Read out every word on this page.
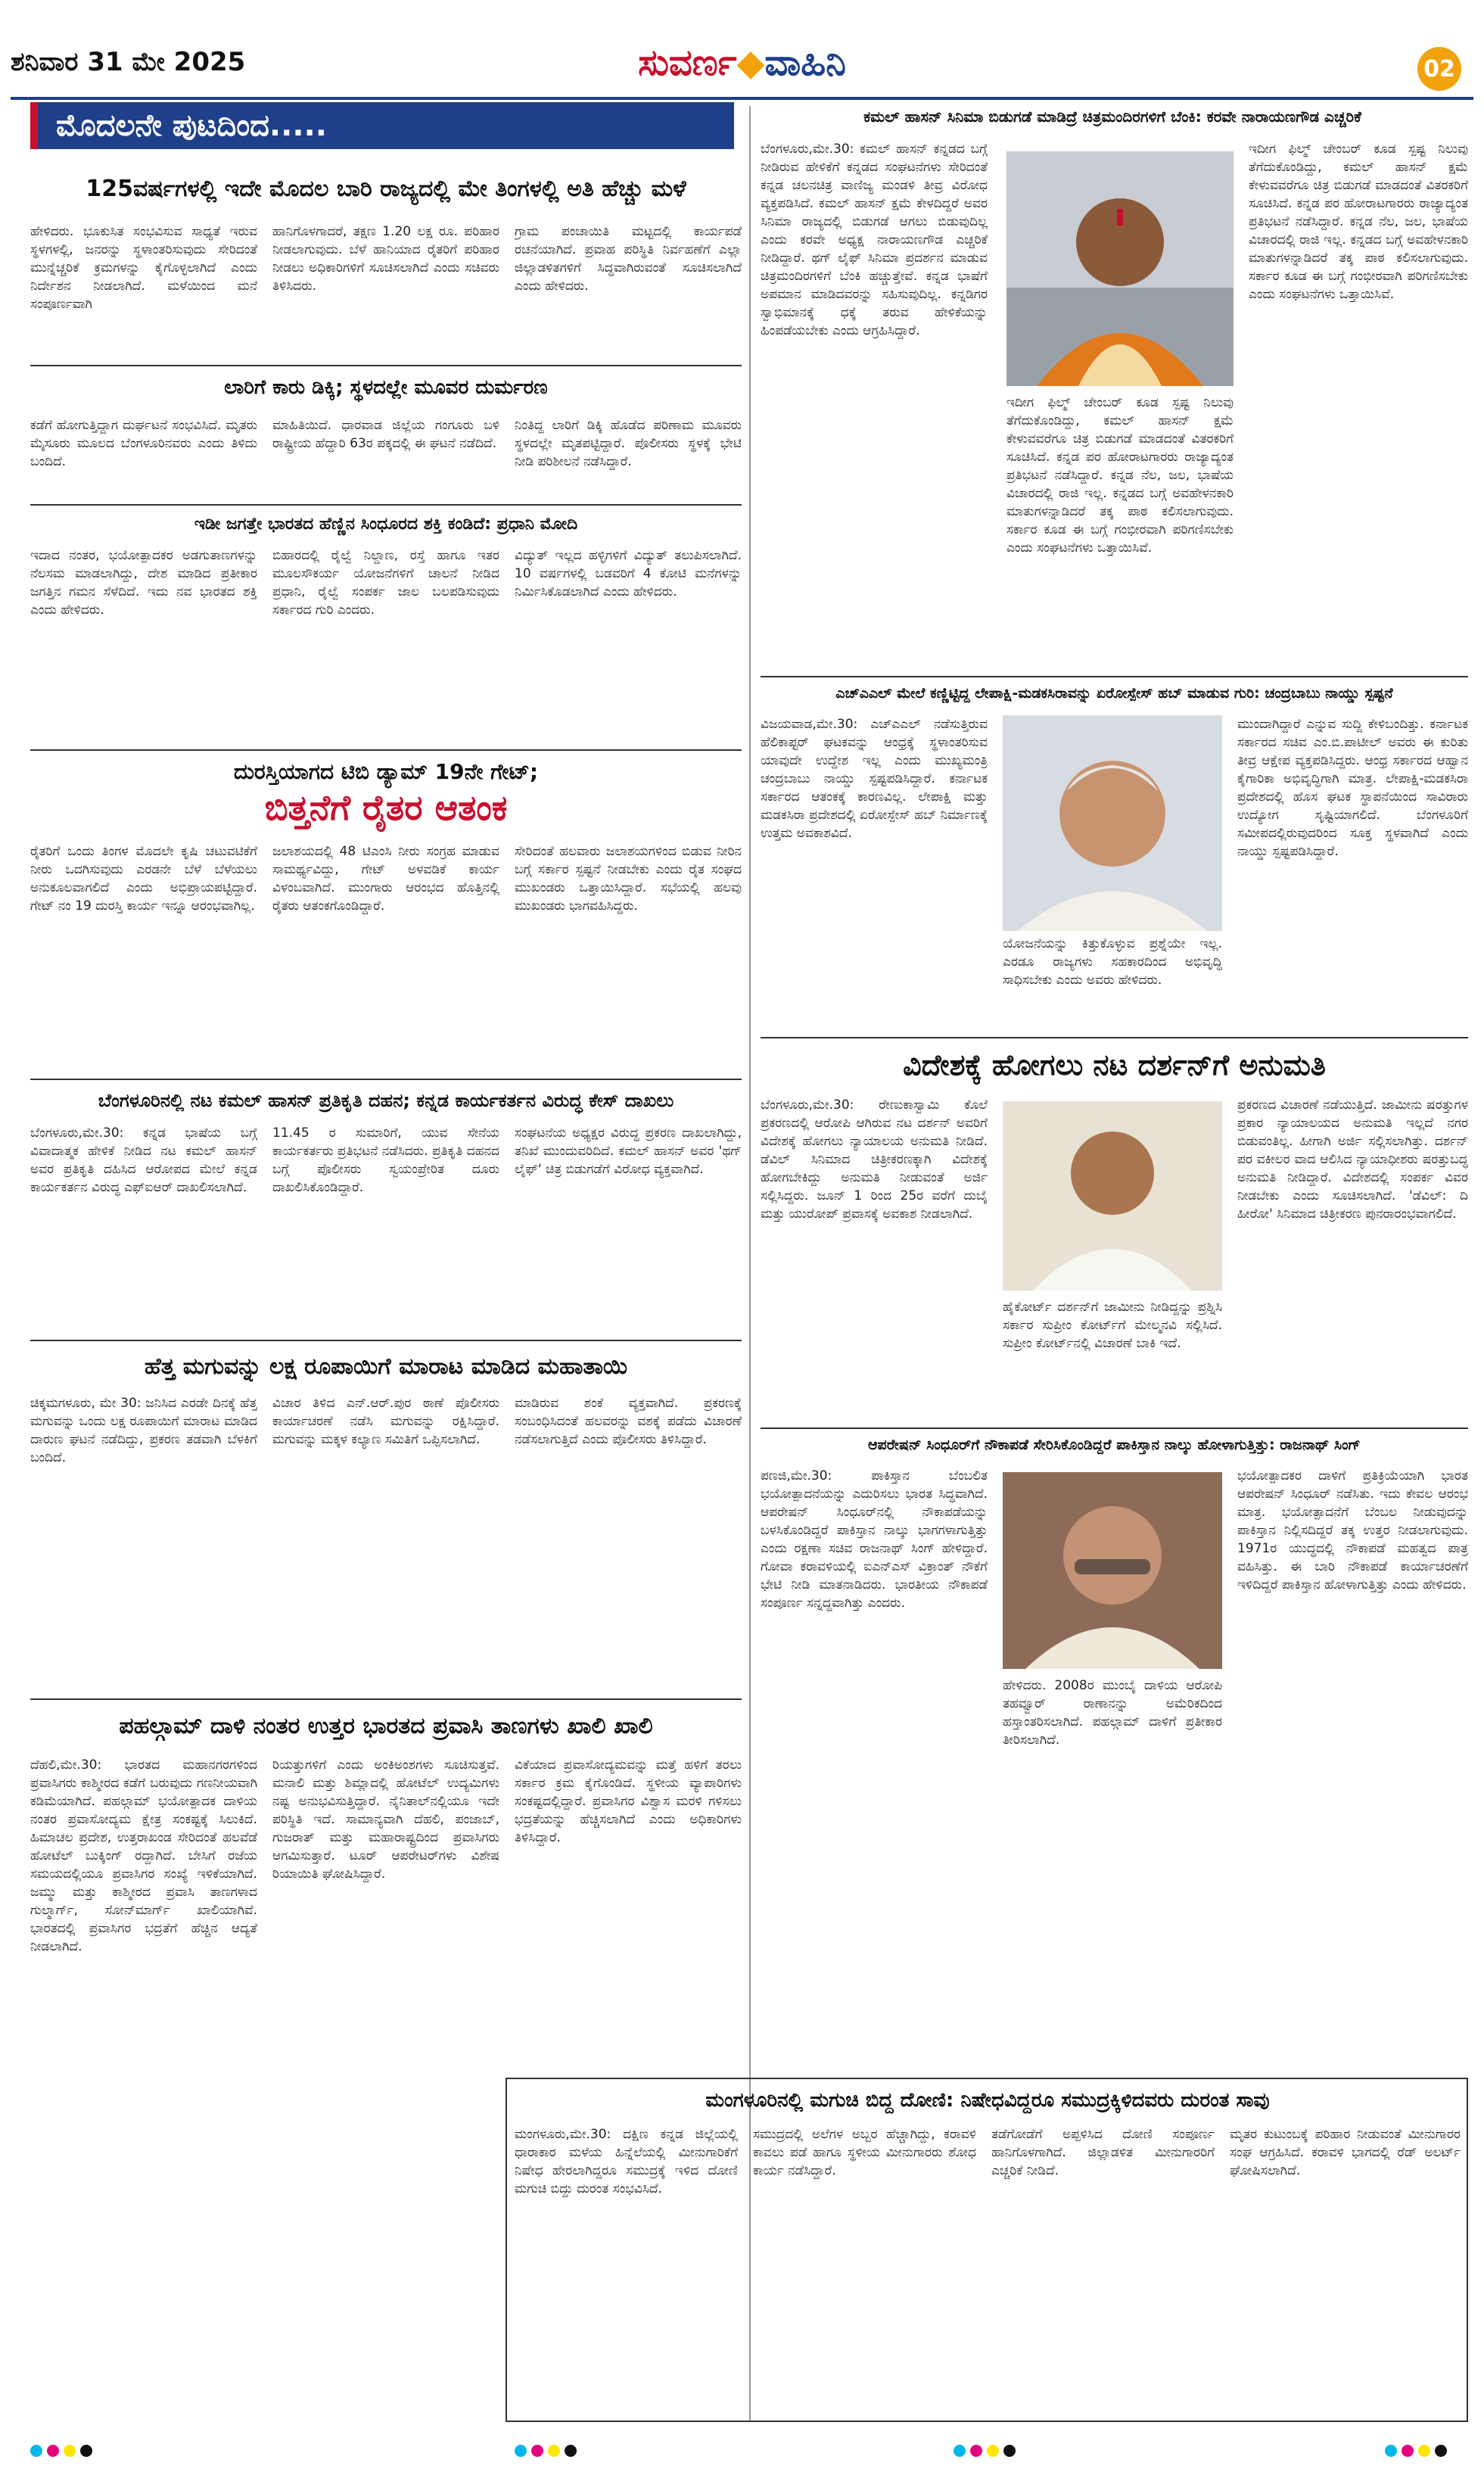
ಶನಿವಾರ 31 ಮೇ 2025	ಸುವರ್ಣ◆ವಾಹಿನಿ	02
ಮೊದಲನೇ ಪುಟದಿಂದ.....
125ವರ್ಷಗಳಲ್ಲಿ ಇದೇ ಮೊದಲ ಬಾರಿ ರಾಜ್ಯದಲ್ಲಿ ಮೇ ತಿಂಗಳಲ್ಲಿ ಅತಿ ಹೆಚ್ಚು ಮಳೆ
ಹೇಳಿದರು. ಭೂಕುಸಿತ ಸಂಭವಿಸುವ ಸಾಧ್ಯತೆ ಇರುವ ಸ್ಥಳಗಳಲ್ಲಿ, ಜನರನ್ನು ಸ್ಥಳಾಂತರಿಸುವುದು ಸೇರಿದಂತೆ ಮುನ್ನೆಚ್ಚರಿಕೆ ಕ್ರಮಗಳನ್ನು ಕೈಗೊಳ್ಳಲಾಗಿದೆ ಎಂದು ನಿರ್ದೇಶನ ನೀಡಲಾಗಿದೆ. ಮಳೆಯಿಂದ ಮನೆ ಸಂಪೂರ್ಣವಾಗಿ
ಹಾನಿಗೊಳಗಾದರೆ, ತಕ್ಷಣ 1.20 ಲಕ್ಷ ರೂ. ಪರಿಹಾರ ನೀಡಲಾಗುವುದು. ಬೆಳೆ ಹಾನಿಯಾದ ರೈತರಿಗೆ ಪರಿಹಾರ ನೀಡಲು ಅಧಿಕಾರಿಗಳಿಗೆ ಸೂಚಿಸಲಾಗಿದೆ ಎಂದು ಸಚಿವರು ತಿಳಿಸಿದರು.
ಗ್ರಾಮ ಪಂಚಾಯಿತಿ ಮಟ್ಟದಲ್ಲಿ ಕಾರ್ಯಪಡೆ ರಚನೆಯಾಗಿದೆ. ಪ್ರವಾಹ ಪರಿಸ್ಥಿತಿ ನಿರ್ವಹಣೆಗೆ ಎಲ್ಲಾ ಜಿಲ್ಲಾಡಳಿತಗಳಿಗೆ ಸಿದ್ಧವಾಗಿರುವಂತೆ ಸೂಚಿಸಲಾಗಿದೆ ಎಂದು ಹೇಳಿದರು.
ಲಾರಿಗೆ ಕಾರು ಡಿಕ್ಕಿ; ಸ್ಥಳದಲ್ಲೇ ಮೂವರ ದುರ್ಮರಣ
ಕಡೆಗೆ ಹೋಗುತ್ತಿದ್ದಾಗ ದುರ್ಘಟನೆ ಸಂಭವಿಸಿದೆ. ಮೃತರು ಮೈಸೂರು ಮೂಲದ ಬೆಂಗಳೂರಿನವರು ಎಂದು ತಿಳಿದು ಬಂದಿದೆ.
ಮಾಹಿತಿಯಿದೆ. ಧಾರವಾಡ ಜಿಲ್ಲೆಯ ಗಂಗೂರು ಬಳಿ ರಾಷ್ಟ್ರೀಯ ಹೆದ್ದಾರಿ 63ರ ಪಕ್ಕದಲ್ಲಿ ಈ ಘಟನೆ ನಡೆದಿದೆ.
ನಿಂತಿದ್ದ ಲಾರಿಗೆ ಡಿಕ್ಕಿ ಹೊಡೆದ ಪರಿಣಾಮ ಮೂವರು ಸ್ಥಳದಲ್ಲೇ ಮೃತಪಟ್ಟಿದ್ದಾರೆ. ಪೊಲೀಸರು ಸ್ಥಳಕ್ಕೆ ಭೇಟಿ ನೀಡಿ ಪರಿಶೀಲನೆ ನಡೆಸಿದ್ದಾರೆ.
ಇಡೀ ಜಗತ್ತೇ ಭಾರತದ ಹೆಣ್ಣಿನ ಸಿಂಧೂರದ ಶಕ್ತಿ ಕಂಡಿದೆ: ಪ್ರಧಾನಿ ಮೋದಿ
ಇದಾದ ನಂತರ, ಭಯೋತ್ಪಾದಕರ ಅಡಗುತಾಣಗಳನ್ನು ನೆಲಸಮ ಮಾಡಲಾಗಿದ್ದು, ದೇಶ ಮಾಡಿದ ಪ್ರತೀಕಾರ ಜಗತ್ತಿನ ಗಮನ ಸೆಳೆದಿದೆ. ಇದು ನವ ಭಾರತದ ಶಕ್ತಿ ಎಂದು ಹೇಳಿದರು.
ಬಿಹಾರದಲ್ಲಿ ರೈಲ್ವೆ ನಿಲ್ದಾಣ, ರಸ್ತೆ ಹಾಗೂ ಇತರ ಮೂಲಸೌಕರ್ಯ ಯೋಜನೆಗಳಿಗೆ ಚಾಲನೆ ನೀಡಿದ ಪ್ರಧಾನಿ, ರೈಲ್ವೆ ಸಂಪರ್ಕ ಜಾಲ ಬಲಪಡಿಸುವುದು ಸರ್ಕಾರದ ಗುರಿ ಎಂದರು.
ವಿದ್ಯುತ್ ಇಲ್ಲದ ಹಳ್ಳಿಗಳಿಗೆ ವಿದ್ಯುತ್ ತಲುಪಿಸಲಾಗಿದೆ. 10 ವರ್ಷಗಳಲ್ಲಿ ಬಡವರಿಗೆ 4 ಕೋಟಿ ಮನೆಗಳನ್ನು ನಿರ್ಮಿಸಿಕೊಡಲಾಗಿದೆ ಎಂದು ಹೇಳಿದರು.
ದುರಸ್ತಿಯಾಗದ ಟಿಬಿ ಡ್ಯಾಮ್ 19ನೇ ಗೇಟ್;
ಬಿತ್ತನೆಗೆ ರೈತರ ಆತಂಕ
ರೈತರಿಗೆ ಒಂದು ತಿಂಗಳ ಮೊದಲೇ ಕೃಷಿ ಚಟುವಟಿಕೆಗೆ ನೀರು ಒದಗಿಸುವುದು ಎರಡನೇ ಬೆಳೆ ಬೆಳೆಯಲು ಅನುಕೂಲವಾಗಲಿದೆ ಎಂದು ಅಭಿಪ್ರಾಯಪಟ್ಟಿದ್ದಾರೆ. ಗೇಟ್ ನಂ 19 ದುರಸ್ತಿ ಕಾರ್ಯ ಇನ್ನೂ ಆರಂಭವಾಗಿಲ್ಲ.
ಜಲಾಶಯದಲ್ಲಿ 48 ಟಿಎಂಸಿ ನೀರು ಸಂಗ್ರಹ ಮಾಡುವ ಸಾಮರ್ಥ್ಯವಿದ್ದು, ಗೇಟ್ ಅಳವಡಿಕೆ ಕಾರ್ಯ ವಿಳಂಬವಾಗಿದೆ. ಮುಂಗಾರು ಆರಂಭದ ಹೊತ್ತಿನಲ್ಲಿ ರೈತರು ಆತಂಕಗೊಂಡಿದ್ದಾರೆ.
ಸೇರಿದಂತೆ ಹಲವಾರು ಜಲಾಶಯಗಳಿಂದ ಬಿಡುವ ನೀರಿನ ಬಗ್ಗೆ ಸರ್ಕಾರ ಸ್ಪಷ್ಟನೆ ನೀಡಬೇಕು ಎಂದು ರೈತ ಸಂಘದ ಮುಖಂಡರು ಒತ್ತಾಯಿಸಿದ್ದಾರೆ. ಸಭೆಯಲ್ಲಿ ಹಲವು ಮುಖಂಡರು ಭಾಗವಹಿಸಿದ್ದರು.
ಬೆಂಗಳೂರಿನಲ್ಲಿ ನಟ ಕಮಲ್ ಹಾಸನ್ ಪ್ರತಿಕೃತಿ ದಹನ; ಕನ್ನಡ ಕಾರ್ಯಕರ್ತನ ವಿರುದ್ಧ ಕೇಸ್ ದಾಖಲು
ಬೆಂಗಳೂರು,ಮೇ.30: ಕನ್ನಡ ಭಾಷೆಯ ಬಗ್ಗೆ ವಿವಾದಾತ್ಮಕ ಹೇಳಿಕೆ ನೀಡಿದ ನಟ ಕಮಲ್ ಹಾಸನ್ ಅವರ ಪ್ರತಿಕೃತಿ ದಹಿಸಿದ ಆರೋಪದ ಮೇಲೆ ಕನ್ನಡ ಕಾರ್ಯಕರ್ತನ ವಿರುದ್ಧ ಎಫ್‌ಐಆರ್ ದಾಖಲಿಸಲಾಗಿದೆ.
11.45 ರ ಸುಮಾರಿಗೆ, ಯುವ ಸೇನೆಯ ಕಾರ್ಯಕರ್ತರು ಪ್ರತಿಭಟನೆ ನಡೆಸಿದರು. ಪ್ರತಿಕೃತಿ ದಹನದ ಬಗ್ಗೆ ಪೊಲೀಸರು ಸ್ವಯಂಪ್ರೇರಿತ ದೂರು ದಾಖಲಿಸಿಕೊಂಡಿದ್ದಾರೆ.
ಸಂಘಟನೆಯ ಅಧ್ಯಕ್ಷರ ವಿರುದ್ಧ ಪ್ರಕರಣ ದಾಖಲಾಗಿದ್ದು, ತನಿಖೆ ಮುಂದುವರಿದಿದೆ. ಕಮಲ್ ಹಾಸನ್ ಅವರ 'ಥಗ್ ಲೈಫ್' ಚಿತ್ರ ಬಿಡುಗಡೆಗೆ ವಿರೋಧ ವ್ಯಕ್ತವಾಗಿದೆ.
ಹೆತ್ತ ಮಗುವನ್ನು ಲಕ್ಷ ರೂಪಾಯಿಗೆ ಮಾರಾಟ ಮಾಡಿದ ಮಹಾತಾಯಿ
ಚಿಕ್ಕಮಗಳೂರು, ಮೇ 30: ಜನಿಸಿದ ಎರಡೇ ದಿನಕ್ಕೆ ಹೆತ್ತ ಮಗುವನ್ನು ಒಂದು ಲಕ್ಷ ರೂಪಾಯಿಗೆ ಮಾರಾಟ ಮಾಡಿದ ದಾರುಣ ಘಟನೆ ನಡೆದಿದ್ದು, ಪ್ರಕರಣ ತಡವಾಗಿ ಬೆಳಕಿಗೆ ಬಂದಿದೆ.
ವಿಚಾರ ತಿಳಿದ ಎನ್.ಆರ್.ಪುರ ಠಾಣೆ ಪೊಲೀಸರು ಕಾರ್ಯಾಚರಣೆ ನಡೆಸಿ ಮಗುವನ್ನು ರಕ್ಷಿಸಿದ್ದಾರೆ. ಮಗುವನ್ನು ಮಕ್ಕಳ ಕಲ್ಯಾಣ ಸಮಿತಿಗೆ ಒಪ್ಪಿಸಲಾಗಿದೆ.
ಮಾಡಿರುವ ಶಂಕೆ ವ್ಯಕ್ತವಾಗಿದೆ. ಪ್ರಕರಣಕ್ಕೆ ಸಂಬಂಧಿಸಿದಂತೆ ಹಲವರನ್ನು ವಶಕ್ಕೆ ಪಡೆದು ವಿಚಾರಣೆ ನಡೆಸಲಾಗುತ್ತಿದೆ ಎಂದು ಪೊಲೀಸರು ತಿಳಿಸಿದ್ದಾರೆ.
ಪಹಲ್ಗಾಮ್ ದಾಳಿ ನಂತರ ಉತ್ತರ ಭಾರತದ ಪ್ರವಾಸಿ ತಾಣಗಳು ಖಾಲಿ ಖಾಲಿ
ದೆಹಲಿ,ಮೇ.30: ಭಾರತದ ಮಹಾನಗರಗಳಿಂದ ಪ್ರವಾಸಿಗರು ಕಾಶ್ಮೀರದ ಕಡೆಗೆ ಬರುವುದು ಗಣನೀಯವಾಗಿ ಕಡಿಮೆಯಾಗಿದೆ. ಪಹಲ್ಗಾಮ್ ಭಯೋತ್ಪಾದಕ ದಾಳಿಯ ನಂತರ ಪ್ರವಾಸೋದ್ಯಮ ಕ್ಷೇತ್ರ ಸಂಕಷ್ಟಕ್ಕೆ ಸಿಲುಕಿದೆ. ಹಿಮಾಚಲ ಪ್ರದೇಶ, ಉತ್ತರಾಖಂಡ ಸೇರಿದಂತೆ ಹಲವೆಡೆ ಹೋಟೆಲ್ ಬುಕ್ಕಿಂಗ್ ರದ್ದಾಗಿದೆ. ಬೇಸಿಗೆ ರಜೆಯ ಸಮಯದಲ್ಲಿಯೂ ಪ್ರವಾಸಿಗರ ಸಂಖ್ಯೆ ಇಳಿಕೆಯಾಗಿದೆ. ಜಮ್ಮು ಮತ್ತು ಕಾಶ್ಮೀರದ ಪ್ರವಾಸಿ ತಾಣಗಳಾದ ಗುಲ್ಮಾರ್ಗ್, ಸೋನ್‌ಮಾರ್ಗ್ ಖಾಲಿಯಾಗಿವೆ. ಭಾರತದಲ್ಲಿ ಪ್ರವಾಸಿಗರ ಭದ್ರತೆಗೆ ಹೆಚ್ಚಿನ ಆದ್ಯತೆ ನೀಡಲಾಗಿದೆ.
ರಿಯತ್ತುಗಳಿಗೆ ಎಂದು ಅಂಕಿಅಂಶಗಳು ಸೂಚಿಸುತ್ತವೆ. ಮನಾಲಿ ಮತ್ತು ಶಿಮ್ಲಾದಲ್ಲಿ ಹೋಟೆಲ್ ಉದ್ಯಮಿಗಳು ನಷ್ಟ ಅನುಭವಿಸುತ್ತಿದ್ದಾರೆ. ನೈನಿತಾಲ್‌ನಲ್ಲಿಯೂ ಇದೇ ಪರಿಸ್ಥಿತಿ ಇದೆ. ಸಾಮಾನ್ಯವಾಗಿ ದೆಹಲಿ, ಪಂಜಾಬ್, ಗುಜರಾತ್ ಮತ್ತು ಮಹಾರಾಷ್ಟ್ರದಿಂದ ಪ್ರವಾಸಿಗರು ಆಗಮಿಸುತ್ತಾರೆ. ಟೂರ್ ಆಪರೇಟರ್‌ಗಳು ವಿಶೇಷ ರಿಯಾಯಿತಿ ಘೋಷಿಸಿದ್ದಾರೆ.
ವಿಕೆಯಾದ ಪ್ರವಾಸೋದ್ಯಮವನ್ನು ಮತ್ತೆ ಹಳಿಗೆ ತರಲು ಸರ್ಕಾರ ಕ್ರಮ ಕೈಗೊಂಡಿದೆ. ಸ್ಥಳೀಯ ವ್ಯಾಪಾರಿಗಳು ಸಂಕಷ್ಟದಲ್ಲಿದ್ದಾರೆ. ಪ್ರವಾಸಿಗರ ವಿಶ್ವಾಸ ಮರಳಿ ಗಳಿಸಲು ಭದ್ರತೆಯನ್ನು ಹೆಚ್ಚಿಸಲಾಗಿದೆ ಎಂದು ಅಧಿಕಾರಿಗಳು ತಿಳಿಸಿದ್ದಾರೆ.
ಕಮಲ್ ಹಾಸನ್ ಸಿನಿಮಾ ಬಿಡುಗಡೆ ಮಾಡಿದ್ರೆ ಚಿತ್ರಮಂದಿರಗಳಿಗೆ ಬೆಂಕಿ: ಕರವೇ ನಾರಾಯಣಗೌಡ ಎಚ್ಚರಿಕೆ
ಬೆಂಗಳೂರು,ಮೇ.30: ಕಮಲ್ ಹಾಸನ್ ಕನ್ನಡದ ಬಗ್ಗೆ ನೀಡಿರುವ ಹೇಳಿಕೆಗೆ ಕನ್ನಡದ ಸಂಘಟನೆಗಳು ಸೇರಿದಂತೆ ಕನ್ನಡ ಚಲನಚಿತ್ರ ವಾಣಿಜ್ಯ ಮಂಡಳಿ ತೀವ್ರ ವಿರೋಧ ವ್ಯಕ್ತಪಡಿಸಿದೆ. ಕಮಲ್ ಹಾಸನ್ ಕ್ಷಮೆ ಕೇಳದಿದ್ದರೆ ಅವರ ಸಿನಿಮಾ ರಾಜ್ಯದಲ್ಲಿ ಬಿಡುಗಡೆ ಆಗಲು ಬಿಡುವುದಿಲ್ಲ ಎಂದು ಕರವೇ ಅಧ್ಯಕ್ಷ ನಾರಾಯಣಗೌಡ ಎಚ್ಚರಿಕೆ ನೀಡಿದ್ದಾರೆ. ಥಗ್ ಲೈಫ್ ಸಿನಿಮಾ ಪ್ರದರ್ಶನ ಮಾಡುವ ಚಿತ್ರಮಂದಿರಗಳಿಗೆ ಬೆಂಕಿ ಹಚ್ಚುತ್ತೇವೆ. ಕನ್ನಡ ಭಾಷೆಗೆ ಅಪಮಾನ ಮಾಡಿದವರನ್ನು ಸಹಿಸುವುದಿಲ್ಲ. ಕನ್ನಡಿಗರ ಸ್ವಾಭಿಮಾನಕ್ಕೆ ಧಕ್ಕೆ ತರುವ ಹೇಳಿಕೆಯನ್ನು ಹಿಂಪಡೆಯಬೇಕು ಎಂದು ಆಗ್ರಹಿಸಿದ್ದಾರೆ.
ಇದೀಗ ಫಿಲ್ಮ್ ಚೇಂಬರ್ ಕೂಡ ಸ್ಪಷ್ಟ ನಿಲುವು ತೆಗೆದುಕೊಂಡಿದ್ದು, ಕಮಲ್ ಹಾಸನ್ ಕ್ಷಮೆ ಕೇಳುವವರೆಗೂ ಚಿತ್ರ ಬಿಡುಗಡೆ ಮಾಡದಂತೆ ವಿತರಕರಿಗೆ ಸೂಚಿಸಿದೆ. ಕನ್ನಡ ಪರ ಹೋರಾಟಗಾರರು ರಾಜ್ಯಾದ್ಯಂತ ಪ್ರತಿಭಟನೆ ನಡೆಸಿದ್ದಾರೆ. ಕನ್ನಡ ನೆಲ, ಜಲ, ಭಾಷೆಯ ವಿಚಾರದಲ್ಲಿ ರಾಜಿ ಇಲ್ಲ. ಕನ್ನಡದ ಬಗ್ಗೆ ಅವಹೇಳನಕಾರಿ ಮಾತುಗಳನ್ನಾಡಿದರೆ ತಕ್ಕ ಪಾಠ ಕಲಿಸಲಾಗುವುದು. ಸರ್ಕಾರ ಕೂಡ ಈ ಬಗ್ಗೆ ಗಂಭೀರವಾಗಿ ಪರಿಗಣಿಸಬೇಕು ಎಂದು ಸಂಘಟನೆಗಳು ಒತ್ತಾಯಿಸಿವೆ.
ಇದೀಗ ಫಿಲ್ಮ್ ಚೇಂಬರ್ ಕೂಡ ಸ್ಪಷ್ಟ ನಿಲುವು ತೆಗೆದುಕೊಂಡಿದ್ದು, ಕಮಲ್ ಹಾಸನ್ ಕ್ಷಮೆ ಕೇಳುವವರೆಗೂ ಚಿತ್ರ ಬಿಡುಗಡೆ ಮಾಡದಂತೆ ವಿತರಕರಿಗೆ ಸೂಚಿಸಿದೆ. ಕನ್ನಡ ಪರ ಹೋರಾಟಗಾರರು ರಾಜ್ಯಾದ್ಯಂತ ಪ್ರತಿಭಟನೆ ನಡೆಸಿದ್ದಾರೆ. ಕನ್ನಡ ನೆಲ, ಜಲ, ಭಾಷೆಯ ವಿಚಾರದಲ್ಲಿ ರಾಜಿ ಇಲ್ಲ. ಕನ್ನಡದ ಬಗ್ಗೆ ಅವಹೇಳನಕಾರಿ ಮಾತುಗಳನ್ನಾಡಿದರೆ ತಕ್ಕ ಪಾಠ ಕಲಿಸಲಾಗುವುದು. ಸರ್ಕಾರ ಕೂಡ ಈ ಬಗ್ಗೆ ಗಂಭೀರವಾಗಿ ಪರಿಗಣಿಸಬೇಕು ಎಂದು ಸಂಘಟನೆಗಳು ಒತ್ತಾಯಿಸಿವೆ.
ಎಚ್‌ಎಎಲ್ ಮೇಲೆ ಕಣ್ಣಿಟ್ಟಿದ್ದ ಲೇಪಾಕ್ಷಿ-ಮಡಕಸಿರಾವನ್ನು ಏರೋಸ್ಪೇಸ್ ಹಬ್ ಮಾಡುವ ಗುರಿ: ಚಂದ್ರಬಾಬು ನಾಯ್ಡು ಸ್ಪಷ್ಟನೆ
ವಿಜಯವಾಡ,ಮೇ.30: ಎಚ್‌ಎಎಲ್ ನಡೆಸುತ್ತಿರುವ ಹೆಲಿಕಾಪ್ಟರ್ ಘಟಕವನ್ನು ಆಂಧ್ರಕ್ಕೆ ಸ್ಥಳಾಂತರಿಸುವ ಯಾವುದೇ ಉದ್ದೇಶ ಇಲ್ಲ ಎಂದು ಮುಖ್ಯಮಂತ್ರಿ ಚಂದ್ರಬಾಬು ನಾಯ್ಡು ಸ್ಪಷ್ಟಪಡಿಸಿದ್ದಾರೆ. ಕರ್ನಾಟಕ ಸರ್ಕಾರದ ಆತಂಕಕ್ಕೆ ಕಾರಣವಿಲ್ಲ. ಲೇಪಾಕ್ಷಿ ಮತ್ತು ಮಡಕಸಿರಾ ಪ್ರದೇಶದಲ್ಲಿ ಏರೋಸ್ಪೇಸ್ ಹಬ್ ನಿರ್ಮಾಣಕ್ಕೆ ಉತ್ತಮ ಅವಕಾಶವಿದೆ.
ಯೋಜನೆಯನ್ನು ಕಿತ್ತುಕೊಳ್ಳುವ ಪ್ರಶ್ನೆಯೇ ಇಲ್ಲ. ಎರಡೂ ರಾಜ್ಯಗಳು ಸಹಕಾರದಿಂದ ಅಭಿವೃದ್ಧಿ ಸಾಧಿಸಬೇಕು ಎಂದು ಅವರು ಹೇಳಿದರು.
ಮುಂದಾಗಿದ್ದಾರೆ ಎನ್ನುವ ಸುದ್ದಿ ಕೇಳಿಬಂದಿತ್ತು. ಕರ್ನಾಟಕ ಸರ್ಕಾರದ ಸಚಿವ ಎಂ.ಬಿ.ಪಾಟೀಲ್ ಅವರು ಈ ಕುರಿತು ತೀವ್ರ ಆಕ್ಷೇಪ ವ್ಯಕ್ತಪಡಿಸಿದ್ದರು. ಆಂಧ್ರ ಸರ್ಕಾರದ ಆಹ್ವಾನ ಕೈಗಾರಿಕಾ ಅಭಿವೃದ್ಧಿಗಾಗಿ ಮಾತ್ರ. ಲೇಪಾಕ್ಷಿ-ಮಡಕಸಿರಾ ಪ್ರದೇಶದಲ್ಲಿ ಹೊಸ ಘಟಕ ಸ್ಥಾಪನೆಯಿಂದ ಸಾವಿರಾರು ಉದ್ಯೋಗ ಸೃಷ್ಟಿಯಾಗಲಿದೆ. ಬೆಂಗಳೂರಿಗೆ ಸಮೀಪದಲ್ಲಿರುವುದರಿಂದ ಸೂಕ್ತ ಸ್ಥಳವಾಗಿದೆ ಎಂದು ನಾಯ್ಡು ಸ್ಪಷ್ಟಪಡಿಸಿದ್ದಾರೆ.
ವಿದೇಶಕ್ಕೆ ಹೋಗಲು ನಟ ದರ್ಶನ್‌ಗೆ ಅನುಮತಿ
ಬೆಂಗಳೂರು,ಮೇ.30: ರೇಣುಕಾಸ್ವಾಮಿ ಕೊಲೆ ಪ್ರಕರಣದಲ್ಲಿ ಆರೋಪಿ ಆಗಿರುವ ನಟ ದರ್ಶನ್ ಅವರಿಗೆ ವಿದೇಶಕ್ಕೆ ಹೋಗಲು ನ್ಯಾಯಾಲಯ ಅನುಮತಿ ನೀಡಿದೆ. ಡೆವಿಲ್ ಸಿನಿಮಾದ ಚಿತ್ರೀಕರಣಕ್ಕಾಗಿ ವಿದೇಶಕ್ಕೆ ಹೋಗಬೇಕಿದ್ದು ಅನುಮತಿ ನೀಡುವಂತೆ ಅರ್ಜಿ ಸಲ್ಲಿಸಿದ್ದರು. ಜೂನ್ 1 ರಿಂದ 25ರ ವರೆಗೆ ದುಬೈ ಮತ್ತು ಯುರೋಪ್ ಪ್ರವಾಸಕ್ಕೆ ಅವಕಾಶ ನೀಡಲಾಗಿದೆ.
ಹೈಕೋರ್ಟ್ ದರ್ಶನ್‌ಗೆ ಜಾಮೀನು ನೀಡಿದ್ದನ್ನು ಪ್ರಶ್ನಿಸಿ ಸರ್ಕಾರ ಸುಪ್ರೀಂ ಕೋರ್ಟ್‌ಗೆ ಮೇಲ್ಮನವಿ ಸಲ್ಲಿಸಿದೆ. ಸುಪ್ರೀಂ ಕೋರ್ಟ್‌ನಲ್ಲಿ ವಿಚಾರಣೆ ಬಾಕಿ ಇದೆ.
ಪ್ರಕರಣದ ವಿಚಾರಣೆ ನಡೆಯುತ್ತಿದೆ. ಜಾಮೀನು ಷರತ್ತುಗಳ ಪ್ರಕಾರ ನ್ಯಾಯಾಲಯದ ಅನುಮತಿ ಇಲ್ಲದೆ ನಗರ ಬಿಡುವಂತಿಲ್ಲ. ಹೀಗಾಗಿ ಅರ್ಜಿ ಸಲ್ಲಿಸಲಾಗಿತ್ತು. ದರ್ಶನ್ ಪರ ವಕೀಲರ ವಾದ ಆಲಿಸಿದ ನ್ಯಾಯಾಧೀಶರು ಷರತ್ತುಬದ್ಧ ಅನುಮತಿ ನೀಡಿದ್ದಾರೆ. ವಿದೇಶದಲ್ಲಿ ಸಂಪರ್ಕ ವಿವರ ನೀಡಬೇಕು ಎಂದು ಸೂಚಿಸಲಾಗಿದೆ. 'ಡೆವಿಲ್: ದಿ ಹೀರೋ' ಸಿನಿಮಾದ ಚಿತ್ರೀಕರಣ ಪುನರಾರಂಭವಾಗಲಿದೆ.
ಆಪರೇಷನ್ ಸಿಂಧೂರ್‌ಗೆ ನೌಕಾಪಡೆ ಸೇರಿಸಿಕೊಂಡಿದ್ದರೆ ಪಾಕಿಸ್ತಾನ ನಾಲ್ಕು ಹೋಳಾಗುತ್ತಿತ್ತು: ರಾಜನಾಥ್ ಸಿಂಗ್
ಪಣಜಿ,ಮೇ.30: ಪಾಕಿಸ್ತಾನ ಬೆಂಬಲಿತ ಭಯೋತ್ಪಾದನೆಯನ್ನು ಎದುರಿಸಲು ಭಾರತ ಸಿದ್ಧವಾಗಿದೆ. ಆಪರೇಷನ್ ಸಿಂಧೂರ್‌ನಲ್ಲಿ ನೌಕಾಪಡೆಯನ್ನು ಬಳಸಿಕೊಂಡಿದ್ದರೆ ಪಾಕಿಸ್ತಾನ ನಾಲ್ಕು ಭಾಗಗಳಾಗುತ್ತಿತ್ತು ಎಂದು ರಕ್ಷಣಾ ಸಚಿವ ರಾಜನಾಥ್ ಸಿಂಗ್ ಹೇಳಿದ್ದಾರೆ. ಗೋವಾ ಕರಾವಳಿಯಲ್ಲಿ ಐಎನ್‌ಎಸ್ ವಿಕ್ರಾಂತ್ ನೌಕೆಗೆ ಭೇಟಿ ನೀಡಿ ಮಾತನಾಡಿದರು. ಭಾರತೀಯ ನೌಕಾಪಡೆ ಸಂಪೂರ್ಣ ಸನ್ನದ್ಧವಾಗಿತ್ತು ಎಂದರು.
ಹೇಳಿದರು. 2008ರ ಮುಂಬೈ ದಾಳಿಯ ಆರೋಪಿ ತಹವ್ವೂರ್ ರಾಣಾನನ್ನು ಅಮೆರಿಕದಿಂದ ಹಸ್ತಾಂತರಿಸಲಾಗಿದೆ. ಪಹಲ್ಗಾಮ್ ದಾಳಿಗೆ ಪ್ರತೀಕಾರ ತೀರಿಸಲಾಗಿದೆ.
ಭಯೋತ್ಪಾದಕರ ದಾಳಿಗೆ ಪ್ರತಿಕ್ರಿಯೆಯಾಗಿ ಭಾರತ ಆಪರೇಷನ್ ಸಿಂಧೂರ್ ನಡೆಸಿತು. ಇದು ಕೇವಲ ಆರಂಭ ಮಾತ್ರ. ಭಯೋತ್ಪಾದನೆಗೆ ಬೆಂಬಲ ನೀಡುವುದನ್ನು ಪಾಕಿಸ್ತಾನ ನಿಲ್ಲಿಸದಿದ್ದರೆ ತಕ್ಕ ಉತ್ತರ ನೀಡಲಾಗುವುದು. 1971ರ ಯುದ್ಧದಲ್ಲಿ ನೌಕಾಪಡೆ ಮಹತ್ವದ ಪಾತ್ರ ವಹಿಸಿತ್ತು. ಈ ಬಾರಿ ನೌಕಾಪಡೆ ಕಾರ್ಯಾಚರಣೆಗೆ ಇಳಿದಿದ್ದರೆ ಪಾಕಿಸ್ತಾನ ಹೋಳಾಗುತ್ತಿತ್ತು ಎಂದು ಹೇಳಿದರು.
ಮಂಗಳೂರಿನಲ್ಲಿ ಮಗುಚಿ ಬಿದ್ದ ದೋಣಿ: ನಿಷೇಧವಿದ್ದರೂ ಸಮುದ್ರಕ್ಕಿಳಿದವರು ದುರಂತ ಸಾವು
ಮಂಗಳೂರು,ಮೇ.30: ದಕ್ಷಿಣ ಕನ್ನಡ ಜಿಲ್ಲೆಯಲ್ಲಿ ಧಾರಾಕಾರ ಮಳೆಯ ಹಿನ್ನೆಲೆಯಲ್ಲಿ ಮೀನುಗಾರಿಕೆಗೆ ನಿಷೇಧ ಹೇರಲಾಗಿದ್ದರೂ ಸಮುದ್ರಕ್ಕೆ ಇಳಿದ ದೋಣಿ ಮಗುಚಿ ಬಿದ್ದು ದುರಂತ ಸಂಭವಿಸಿದೆ.
ಸಮುದ್ರದಲ್ಲಿ ಅಲೆಗಳ ಅಬ್ಬರ ಹೆಚ್ಚಾಗಿದ್ದು, ಕರಾವಳಿ ಕಾವಲು ಪಡೆ ಹಾಗೂ ಸ್ಥಳೀಯ ಮೀನುಗಾರರು ಶೋಧ ಕಾರ್ಯ ನಡೆಸಿದ್ದಾರೆ.
ತಡೆಗೋಡೆಗೆ ಅಪ್ಪಳಿಸಿದ ದೋಣಿ ಸಂಪೂರ್ಣ ಹಾನಿಗೊಳಗಾಗಿದೆ. ಜಿಲ್ಲಾಡಳಿತ ಮೀನುಗಾರರಿಗೆ ಎಚ್ಚರಿಕೆ ನೀಡಿದೆ.
ಮೃತರ ಕುಟುಂಬಕ್ಕೆ ಪರಿಹಾರ ನೀಡುವಂತೆ ಮೀನುಗಾರರ ಸಂಘ ಆಗ್ರಹಿಸಿದೆ. ಕರಾವಳಿ ಭಾಗದಲ್ಲಿ ರೆಡ್ ಅಲರ್ಟ್ ಘೋಷಿಸಲಾಗಿದೆ.
